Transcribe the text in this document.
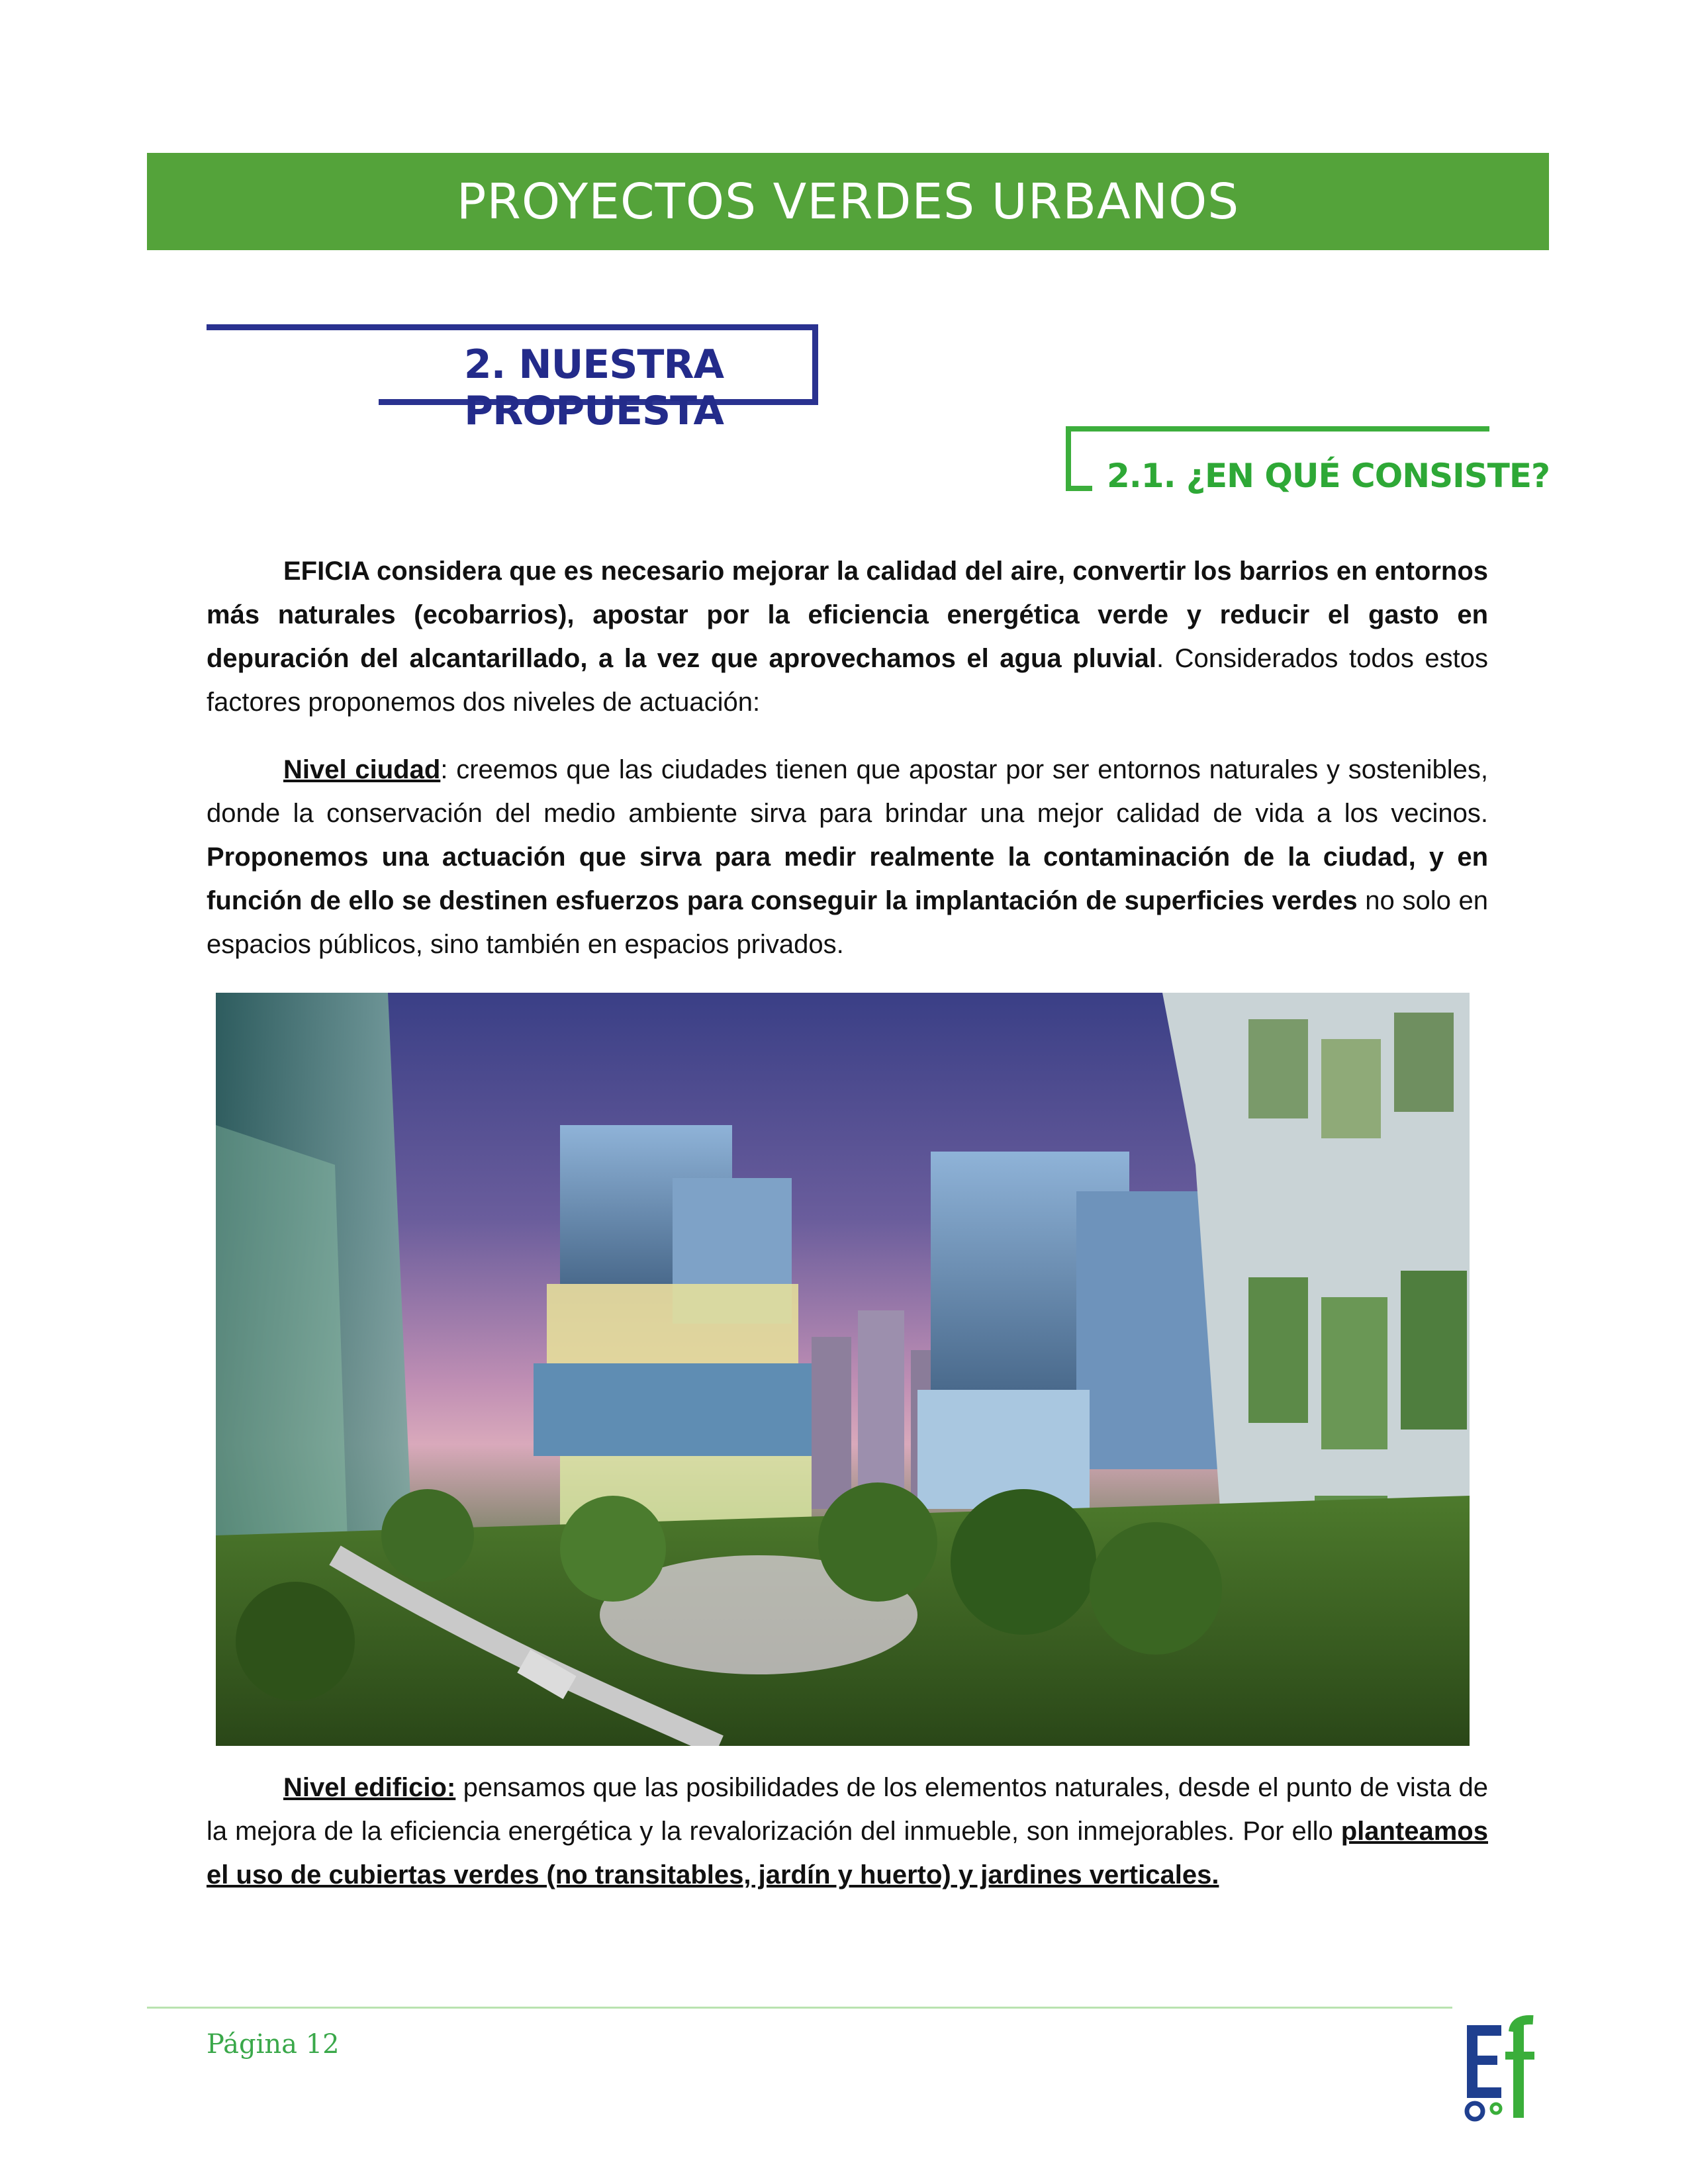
PROYECTOS VERDES URBANOS
2. NUESTRA PROPUESTA
2.1. ¿EN QUÉ CONSISTE?
EFICIA considera que es necesario mejorar la calidad del aire, convertir los barrios en entornos más naturales (ecobarrios), apostar por la eficiencia energética verde y reducir el gasto en depuración del alcantarillado, a la vez que aprovechamos el agua pluvial. Considerados todos estos factores proponemos dos niveles de actuación:
Nivel ciudad: creemos que las ciudades tienen que apostar por ser entornos naturales y sostenibles, donde la conservación del medio ambiente sirva para brindar una mejor calidad de vida a los vecinos. Proponemos una actuación que sirva para medir realmente la contaminación de la ciudad, y en función de ello se destinen esfuerzos para conseguir la implantación de superficies verdes no solo en espacios públicos, sino también en espacios privados.
Nivel edificio: pensamos que las posibilidades de los elementos naturales, desde el punto de vista de la mejora de la eficiencia energética y la revalorización del inmueble, son inmejorables. Por ello planteamos el uso de cubiertas verdes (no transitables, jardín y huerto) y jardines verticales.
Página 12
